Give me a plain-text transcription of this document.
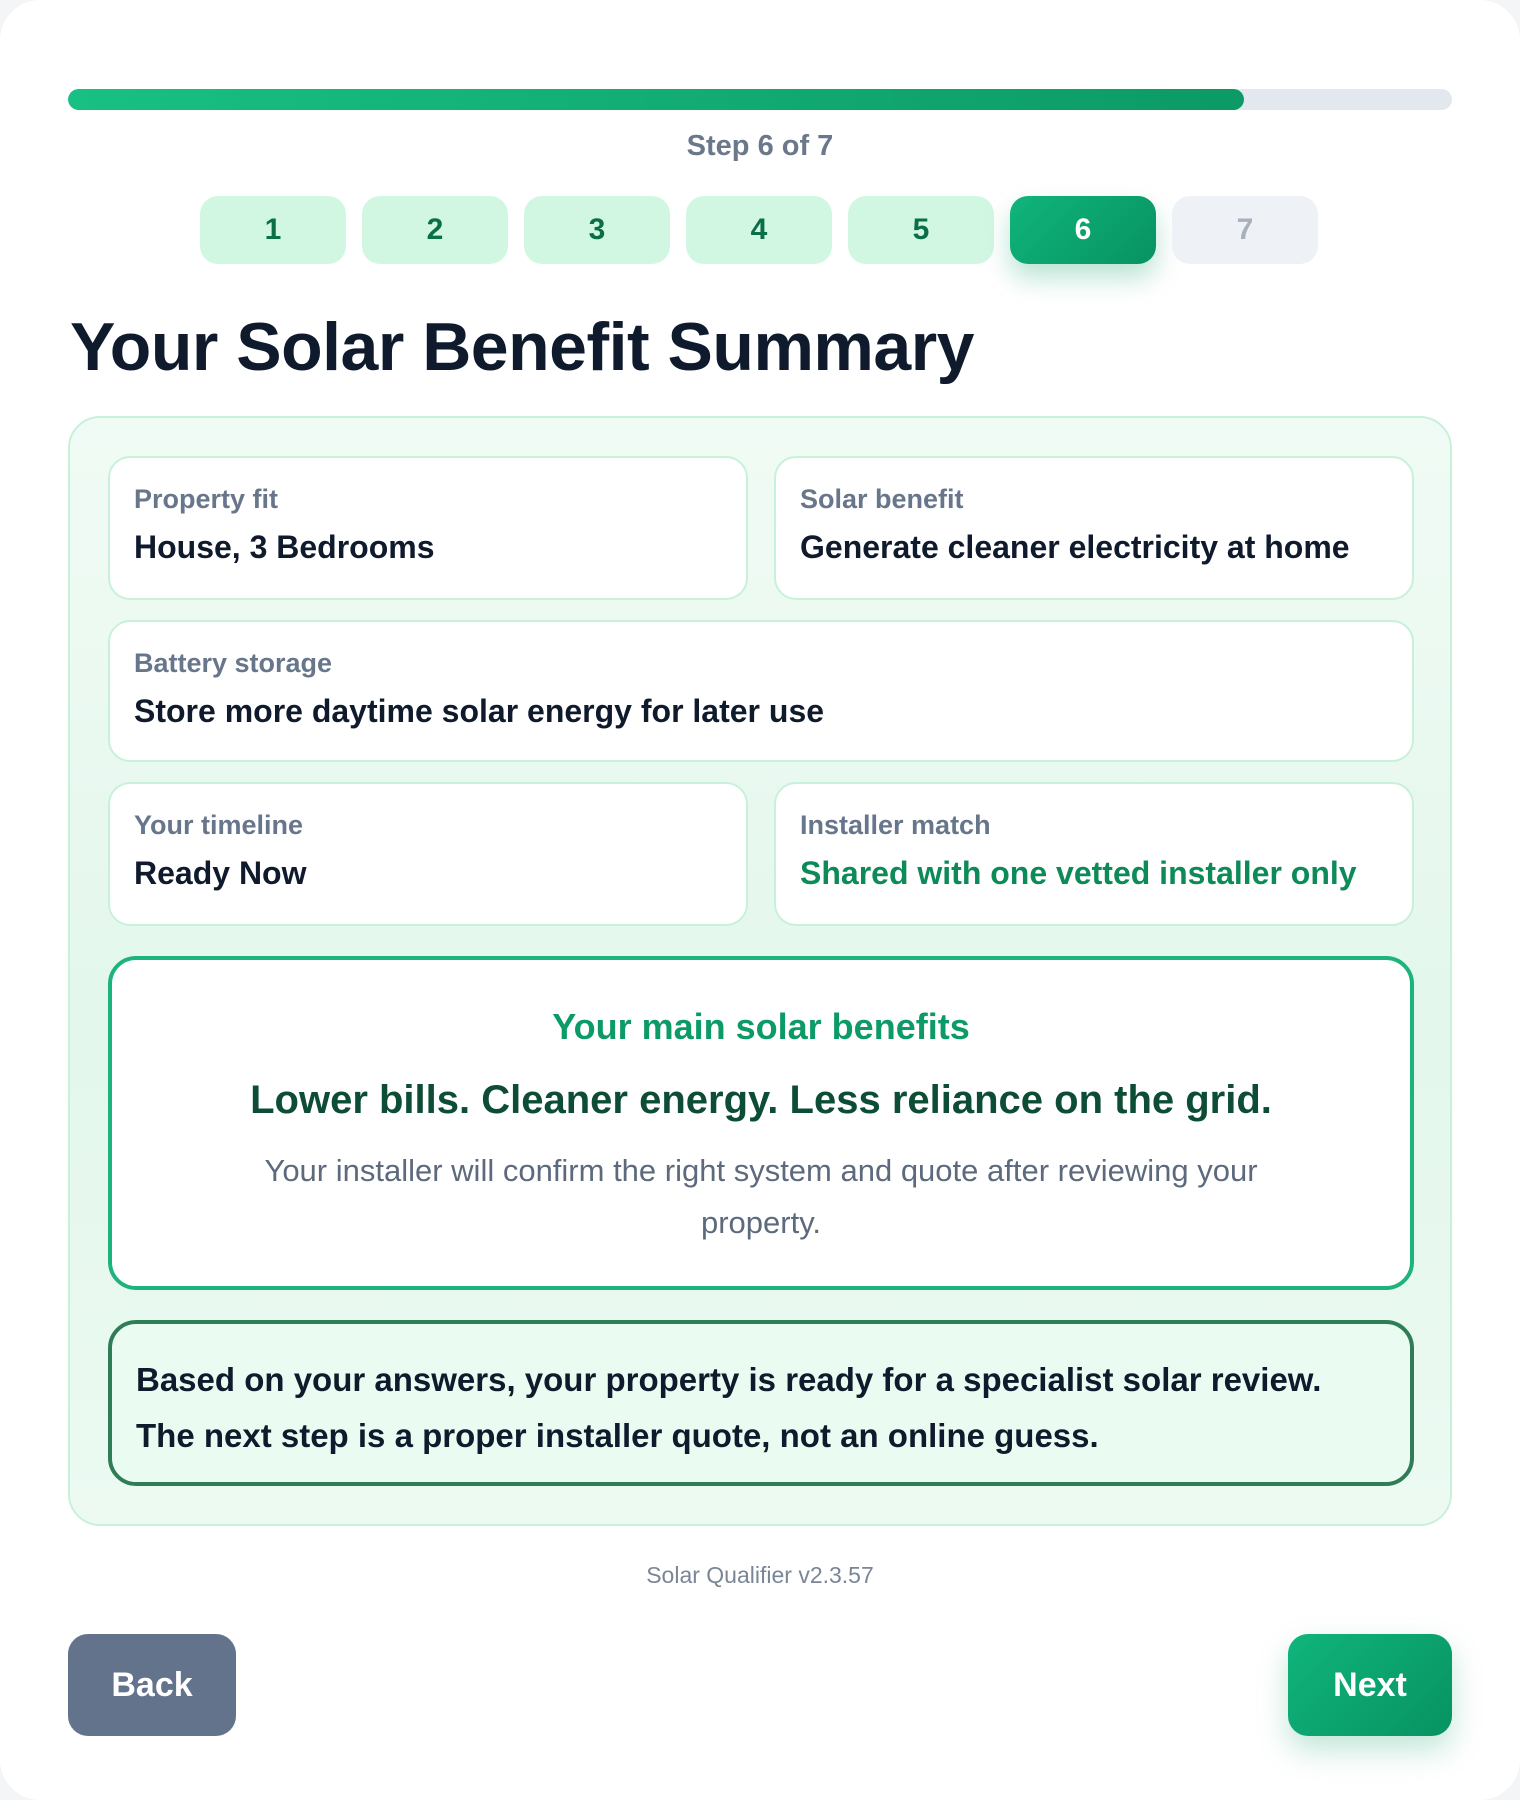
Step 6 of 7
1	2	3	4	5	6	7
Your Solar Benefit Summary
Property fit
House, 3 Bedrooms
Solar benefit
Generate cleaner electricity at home
Battery storage
Store more daytime solar energy for later use
Your timeline
Ready Now
Installer match
Shared with one vetted installer only
Your main solar benefits
Lower bills. Cleaner energy. Less reliance on the grid.
Your installer will confirm the right system and quote after reviewing your property.
Based on your answers, your property is ready for a specialist solar review. The next step is a proper installer quote, not an online guess.
Solar Qualifier v2.3.57
Back	Next
